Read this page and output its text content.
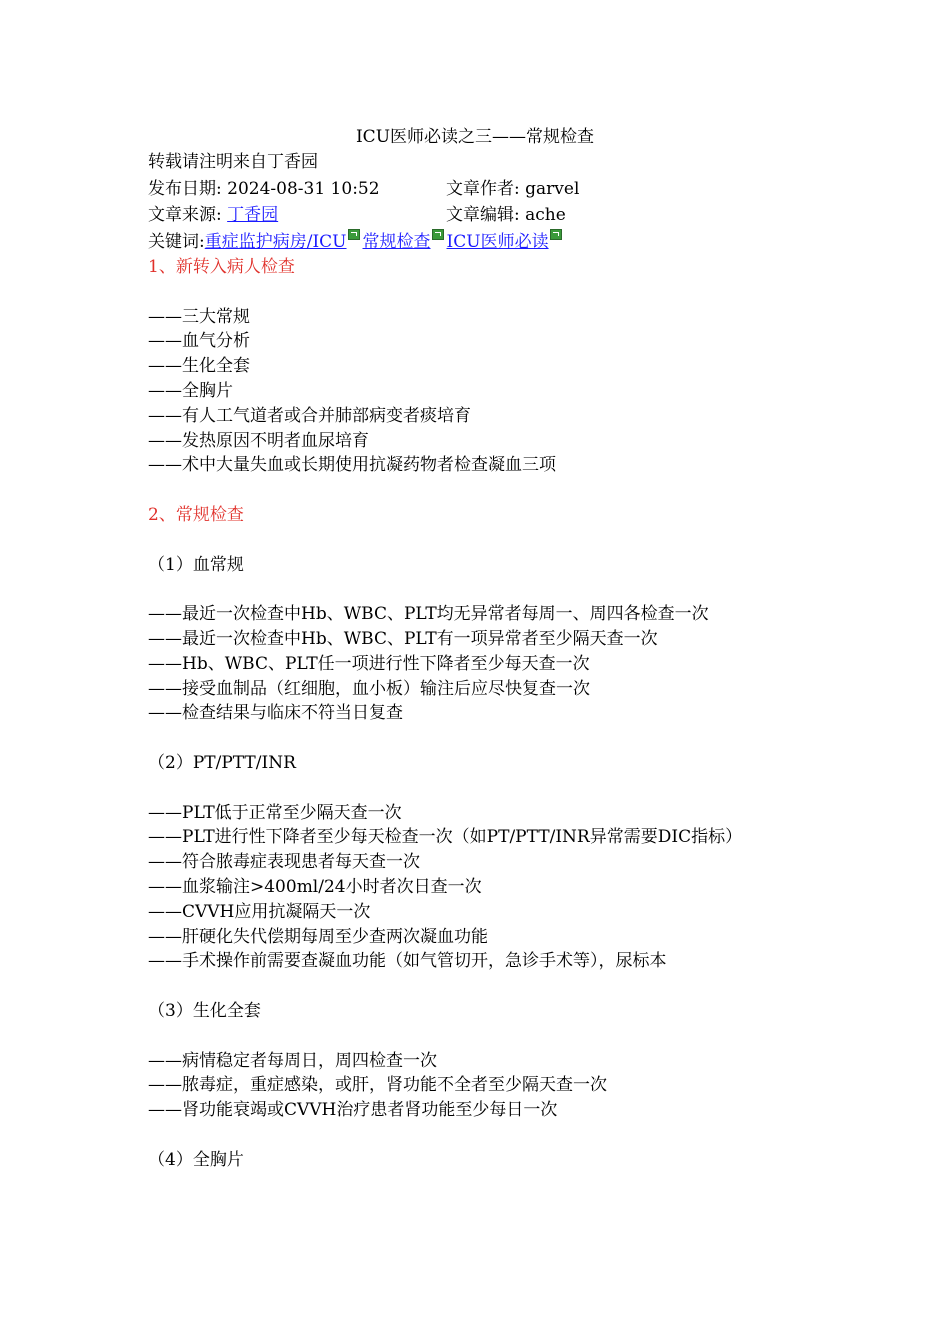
ICU医师必读之三——常规检查
转载请注明来自丁香园
发布日期: 2024-08-31 10:52	文章作者: garvel
文章来源: 丁香园	文章编辑: ache
关键词: 重症监护病房/ICU 常规检查 ICU医师必读
1、新转入病人检查
——三大常规
——血气分析
——生化全套
——全胸片
——有人工气道者或合并肺部病变者痰培育
——发热原因不明者血尿培育
——术中大量失血或长期使用抗凝药物者检查凝血三项
2、常规检查
（1）血常规
——最近一次检查中Hb、WBC、PLT均无异常者每周一、周四各检查一次
——最近一次检查中Hb、WBC、PLT有一项异常者至少隔天查一次
——Hb、WBC、PLT任一项进行性下降者至少每天查一次
——接受血制品（红细胞，血小板）输注后应尽快复查一次
——检查结果与临床不符当日复查
（2）PT/PTT/INR
——PLT低于正常至少隔天查一次
——PLT进行性下降者至少每天检查一次（如PT/PTT/INR异常需要DIC指标）
——符合脓毒症表现患者每天查一次
——血浆输注>400ml/24小时者次日查一次
——CVVH应用抗凝隔天一次
——肝硬化失代偿期每周至少查两次凝血功能
——手术操作前需要查凝血功能（如气管切开，急诊手术等），尿标本
（3）生化全套
——病情稳定者每周日，周四检查一次
——脓毒症，重症感染，或肝，肾功能不全者至少隔天查一次
——肾功能衰竭或CVVH治疗患者肾功能至少每日一次
（4）全胸片
